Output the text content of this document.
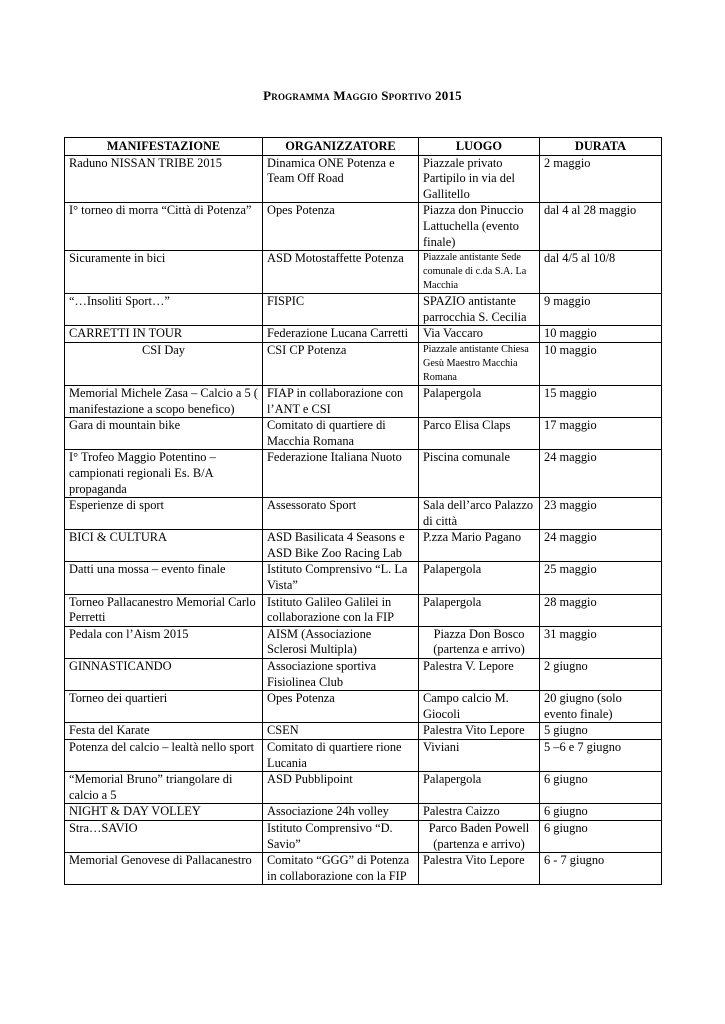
Programma Maggio Sportivo 2015
MANIFESTAZIONE	ORGANIZZATORE	LUOGO	DURATA
Raduno NISSAN TRIBE 2015	Dinamica ONE Potenza e Team Off Road	Piazzale privato Partipilo in via del Gallitello	2 maggio
I° torneo di morra “Città di Potenza”	Opes Potenza	Piazza don Pinuccio Lattuchella (evento finale)	dal 4 al 28 maggio
Sicuramente in bici	ASD Motostaffette Potenza	Piazzale antistante Sede comunale di c.da S.A. La Macchia	dal 4/5 al 10/8
“…Insoliti Sport…”	FISPIC	SPAZIO antistante parrocchia S. Cecilia	9 maggio
CARRETTI IN TOUR	Federazione Lucana Carretti	Via Vaccaro	10 maggio
CSI Day	CSI CP Potenza	Piazzale antistante Chiesa Gesù Maestro Macchia Romana	10 maggio
Memorial Michele Zasa – Calcio a 5 ( manifestazione a scopo benefico)	FIAP in collaborazione con l’ANT e CSI	Palapergola	15 maggio
Gara di mountain bike	Comitato di quartiere di Macchia Romana	Parco Elisa Claps	17 maggio
I° Trofeo Maggio Potentino – campionati regionali Es. B/A propaganda	Federazione Italiana Nuoto	Piscina comunale	24 maggio
Esperienze di sport	Assessorato Sport	Sala dell’arco Palazzo di città	23 maggio
BICI & CULTURA	ASD Basilicata 4 Seasons e ASD Bike Zoo Racing Lab	P.zza Mario Pagano	24 maggio
Datti una mossa – evento finale	Istituto Comprensivo “L. La Vista”	Palapergola	25 maggio
Torneo Pallacanestro Memorial Carlo Perretti	Istituto Galileo Galilei in collaborazione con la FIP	Palapergola	28 maggio
Pedala con l’Aism 2015	AISM (Associazione Sclerosi Multipla)	Piazza Don Bosco (partenza e arrivo)	31 maggio
GINNASTICANDO	Associazione sportiva Fisiolinea Club	Palestra V. Lepore	2 giugno
Torneo dei quartieri	Opes Potenza	Campo calcio M. Giocoli	20 giugno (solo evento finale)
Festa del Karate	CSEN	Palestra Vito Lepore	5 giugno
Potenza del calcio – lealtà nello sport	Comitato di quartiere rione Lucania	Viviani	5 –6 e 7 giugno
“Memorial Bruno” triangolare di calcio a 5	ASD Pubblipoint	Palapergola	6 giugno
NIGHT & DAY VOLLEY	Associazione 24h volley	Palestra Caizzo	6 giugno
Stra…SAVIO	Istituto Comprensivo “D. Savio”	Parco Baden Powell (partenza e arrivo)	6 giugno
Memorial Genovese di Pallacanestro	Comitato “GGG” di Potenza in collaborazione con la FIP	Palestra Vito Lepore	6 - 7 giugno
